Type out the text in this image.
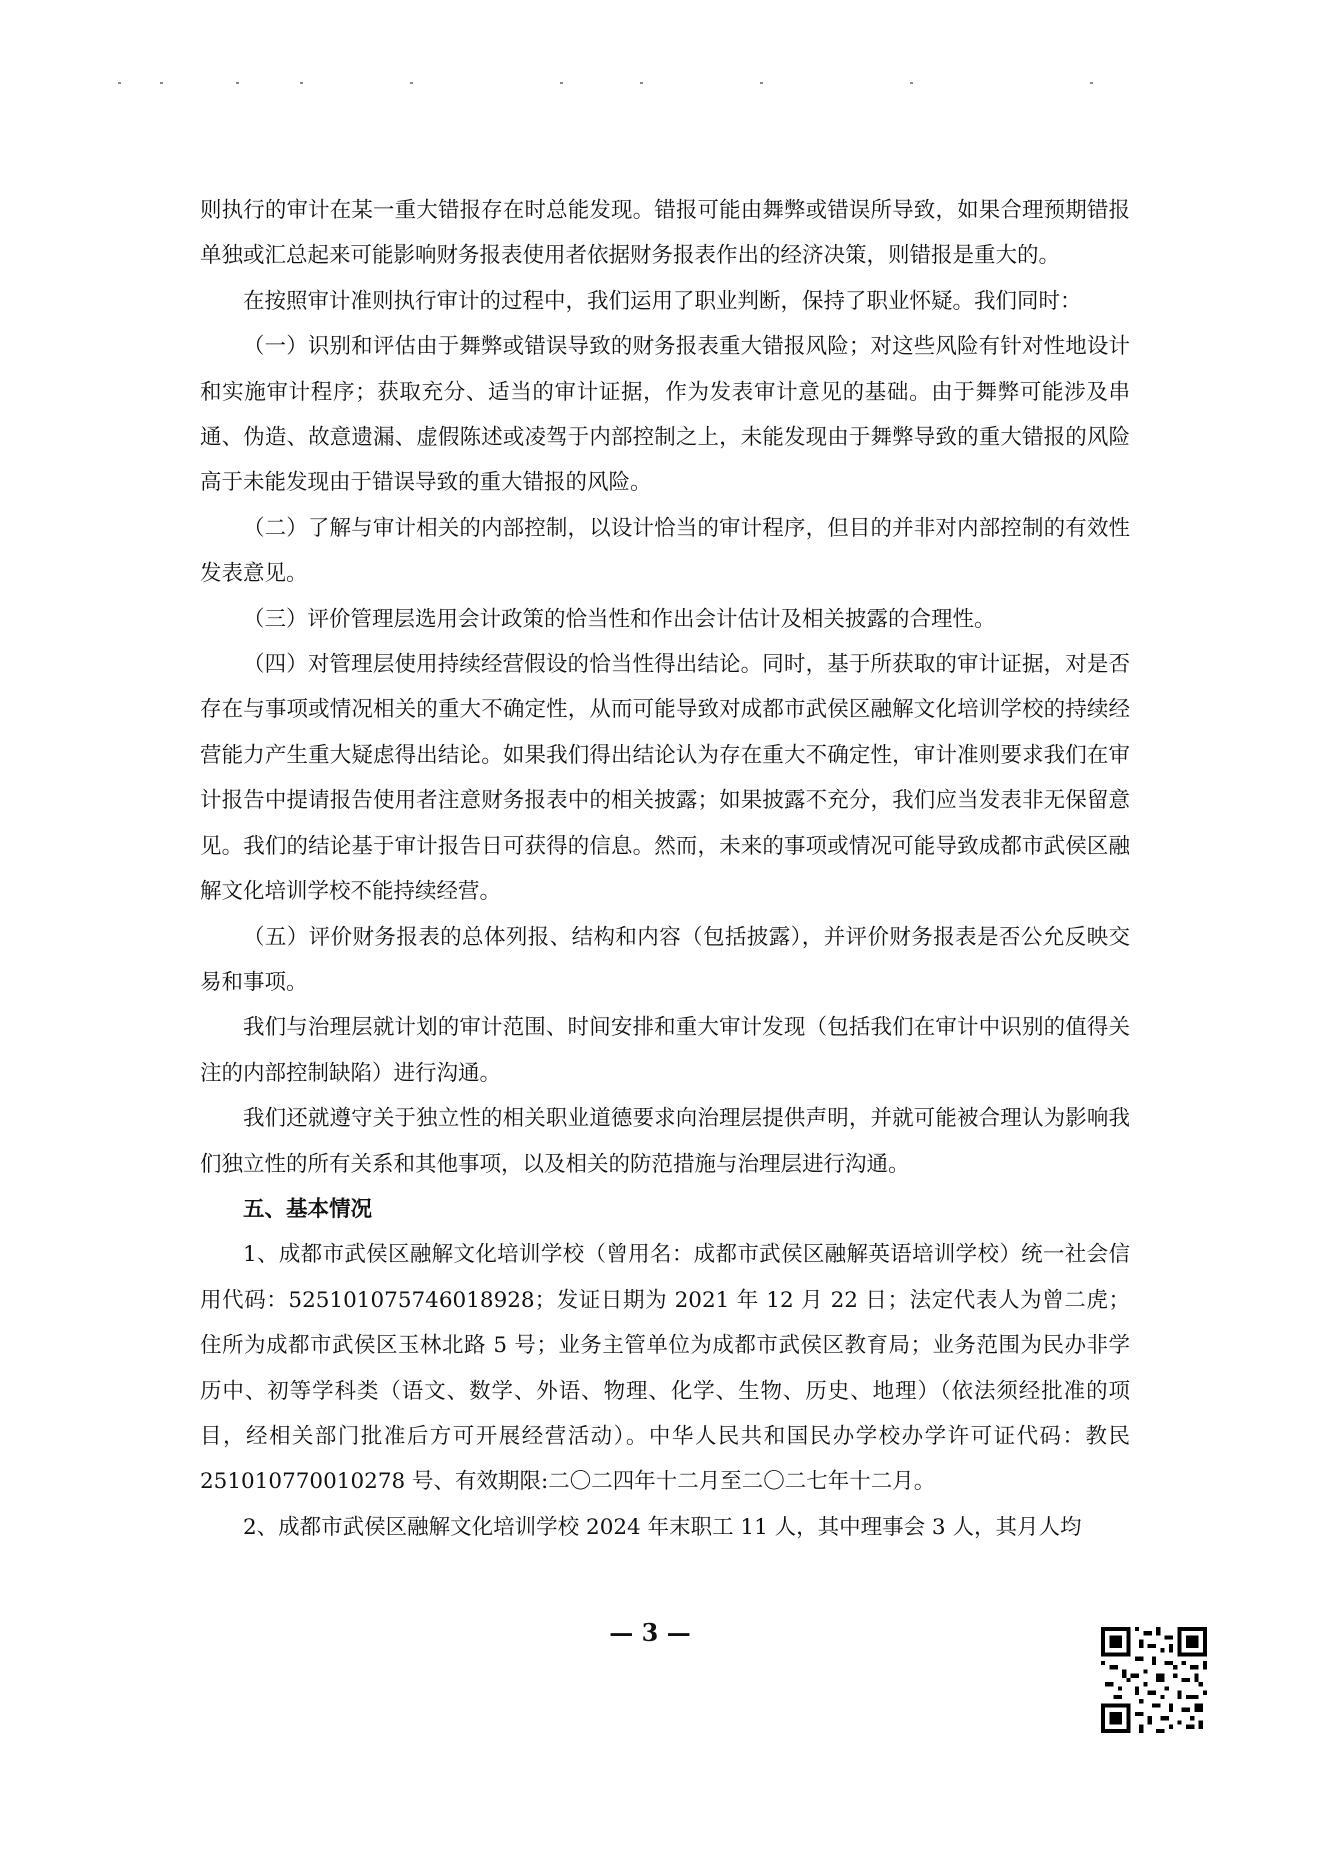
则执行的审计在某一重大错报存在时总能发现。错报可能由舞弊或错误所导致，如果合理预期错报单独或汇总起来可能影响财务报表使用者依据财务报表作出的经济决策，则错报是重大的。

在按照审计准则执行审计的过程中，我们运用了职业判断，保持了职业怀疑。我们同时：

（一）识别和评估由于舞弊或错误导致的财务报表重大错报风险；对这些风险有针对性地设计和实施审计程序；获取充分、适当的审计证据，作为发表审计意见的基础。由于舞弊可能涉及串通、伪造、故意遗漏、虚假陈述或凌驾于内部控制之上，未能发现由于舞弊导致的重大错报的风险高于未能发现由于错误导致的重大错报的风险。

（二）了解与审计相关的内部控制，以设计恰当的审计程序，但目的并非对内部控制的有效性发表意见。

（三）评价管理层选用会计政策的恰当性和作出会计估计及相关披露的合理性。

（四）对管理层使用持续经营假设的恰当性得出结论。同时，基于所获取的审计证据，对是否存在与事项或情况相关的重大不确定性，从而可能导致对成都市武侯区融解文化培训学校的持续经营能力产生重大疑虑得出结论。如果我们得出结论认为存在重大不确定性，审计准则要求我们在审计报告中提请报告使用者注意财务报表中的相关披露；如果披露不充分，我们应当发表非无保留意见。我们的结论基于审计报告日可获得的信息。然而，未来的事项或情况可能导致成都市武侯区融解文化培训学校不能持续经营。

（五）评价财务报表的总体列报、结构和内容（包括披露），并评价财务报表是否公允反映交易和事项。

我们与治理层就计划的审计范围、时间安排和重大审计发现（包括我们在审计中识别的值得关注的内部控制缺陷）进行沟通。

我们还就遵守关于独立性的相关职业道德要求向治理层提供声明，并就可能被合理认为影响我们独立性的所有关系和其他事项，以及相关的防范措施与治理层进行沟通。

五、基本情况

1、成都市武侯区融解文化培训学校（曾用名：成都市武侯区融解英语培训学校）统一社会信用代码：525101075746018928；发证日期为 2021 年 12 月 22 日；法定代表人为曾二虎；住所为成都市武侯区玉林北路 5 号；业务主管单位为成都市武侯区教育局；业务范围为民办非学历中、初等学科类（语文、数学、外语、物理、化学、生物、历史、地理）（依法须经批准的项目，经相关部门批准后方可开展经营活动）。中华人民共和国民办学校办学许可证代码：教民 251010770010278 号、有效期限:二〇二四年十二月至二〇二七年十二月。

2、成都市武侯区融解文化培训学校 2024 年末职工 11 人，其中理事会 3 人，其月人均

— 3 —
